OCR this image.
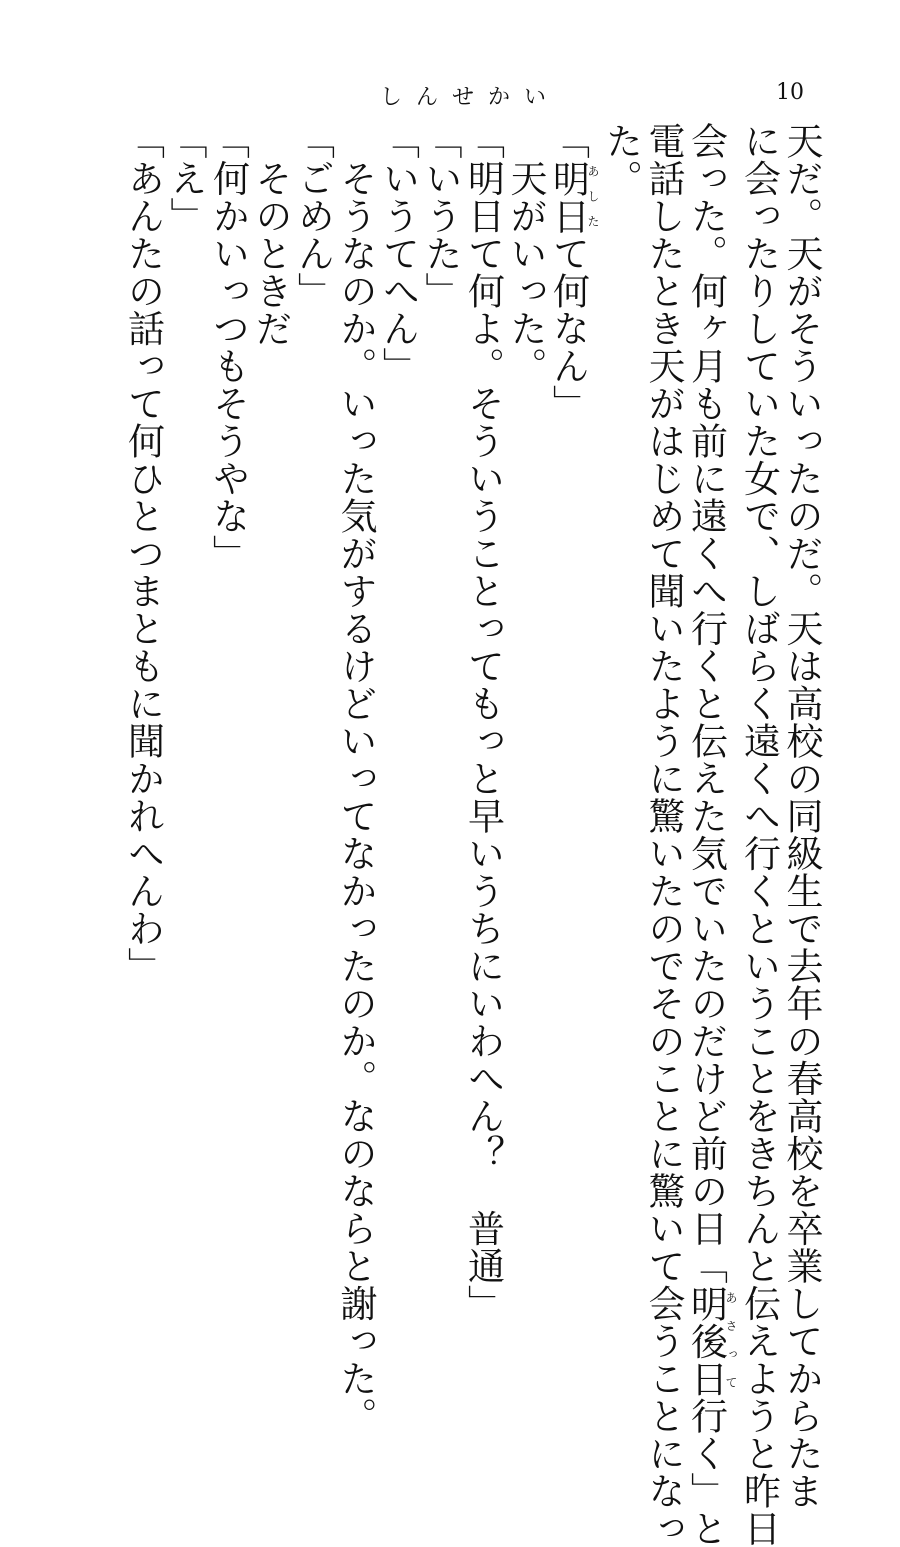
しんせかい	10
天だ。天がそういったのだ。天は高校の同級生で去年の春高校を卒業してからたま
に会ったりしていた女で、しばらく遠くへ行くということをきちんと伝えようと昨日
会った。何ヶ月も前に遠くへ行くと伝えた気でいたのだけど前の日「明後日あさって行く」と
電話したとき天がはじめて聞いたように驚いたのでそのことに驚いて会うことになっ
た。
「明日あしたて何なん」
　天がいった。
「明日て何よ。そういうことってもっと早いうちにいわへん？　普通」
「いうた」
「いうてへん」
　そうなのか。いった気がするけどいってなかったのか。なのならと謝った。
「ごめん」
　そのときだ
「何かいっつもそうやな」
「え」
「あんたの話って何ひとつまともに聞かれへんわ」
